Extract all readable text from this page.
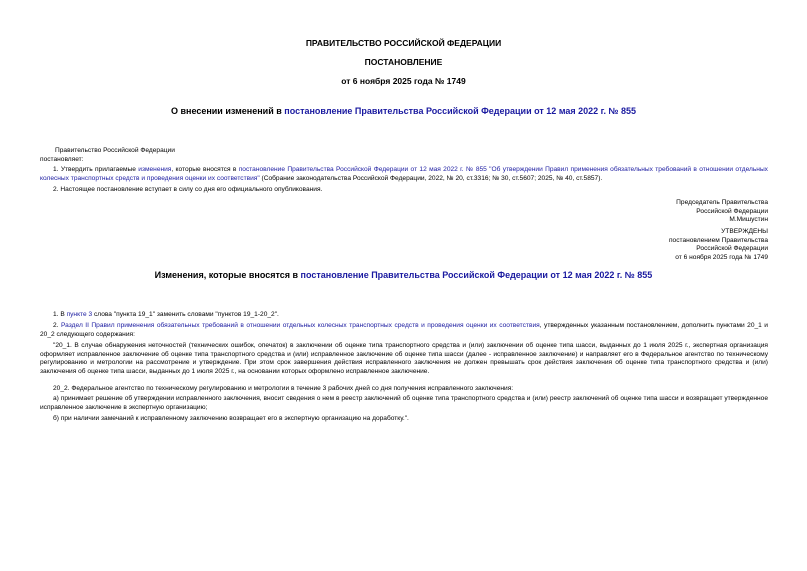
ПРАВИТЕЛЬСТВО РОССИЙСКОЙ ФЕДЕРАЦИИ
ПОСТАНОВЛЕНИЕ
от 6 ноября 2025 года № 1749
О внесении изменений в постановление Правительства Российской Федерации от 12 мая 2022 г. № 855
Правительство Российской Федерации
постановляет:
1. Утвердить прилагаемые изменения, которые вносятся в постановление Правительства Российской Федерации от 12 мая 2022 г. № 855 "Об утверждении Правил применения обязательных требований в отношении отдельных колесных транспортных средств и проведения оценки их соответствия" (Собрание законодательства Российской Федерации, 2022, № 20, ст.3316; № 30, ст.5607; 2025, № 40, ст.5857).
2. Настоящее постановление вступает в силу со дня его официального опубликования.
Председатель Правительства
Российской Федерации
М.Мишустин
УТВЕРЖДЕНЫ
постановлением Правительства
Российской Федерации
от 6 ноября 2025 года № 1749
Изменения, которые вносятся в постановление Правительства Российской Федерации от 12 мая 2022 г. № 855
1. В пункте 3 слова "пункта 19_1" заменить словами "пунктов 19_1-20_2".
2. Раздел II Правил применения обязательных требований в отношении отдельных колесных транспортных средств и проведения оценки их соответствия, утвержденных указанным постановлением, дополнить пунктами 20_1 и 20_2 следующего содержания:
"20_1. В случае обнаружения неточностей (технических ошибок, опечаток) в заключении об оценке типа транспортного средства и (или) заключении об оценке типа шасси, выданных до 1 июля 2025 г., экспертная организация оформляет исправленное заключение об оценке типа транспортного средства и (или) исправленное заключение об оценке типа шасси (далее - исправленное заключение) и направляет его в Федеральное агентство по техническому регулированию и метрологии на рассмотрение и утверждение. При этом срок завершения действия исправленного заключения не должен превышать срок действия заключения об оценке типа транспортного средства и (или) заключения об оценке типа шасси, выданных до 1 июля 2025 г., на основании которых оформлено исправленное заключение.
20_2. Федеральное агентство по техническому регулированию и метрологии в течение 3 рабочих дней со дня получения исправленного заключения:
а) принимает решение об утверждении исправленного заключения, вносит сведения о нем в реестр заключений об оценке типа транспортного средства и (или) реестр заключений об оценке типа шасси и возвращает утвержденное исправленное заключение в экспертную организацию;
б) при наличии замечаний к исправленному заключению возвращает его в экспертную организацию на доработку.".
